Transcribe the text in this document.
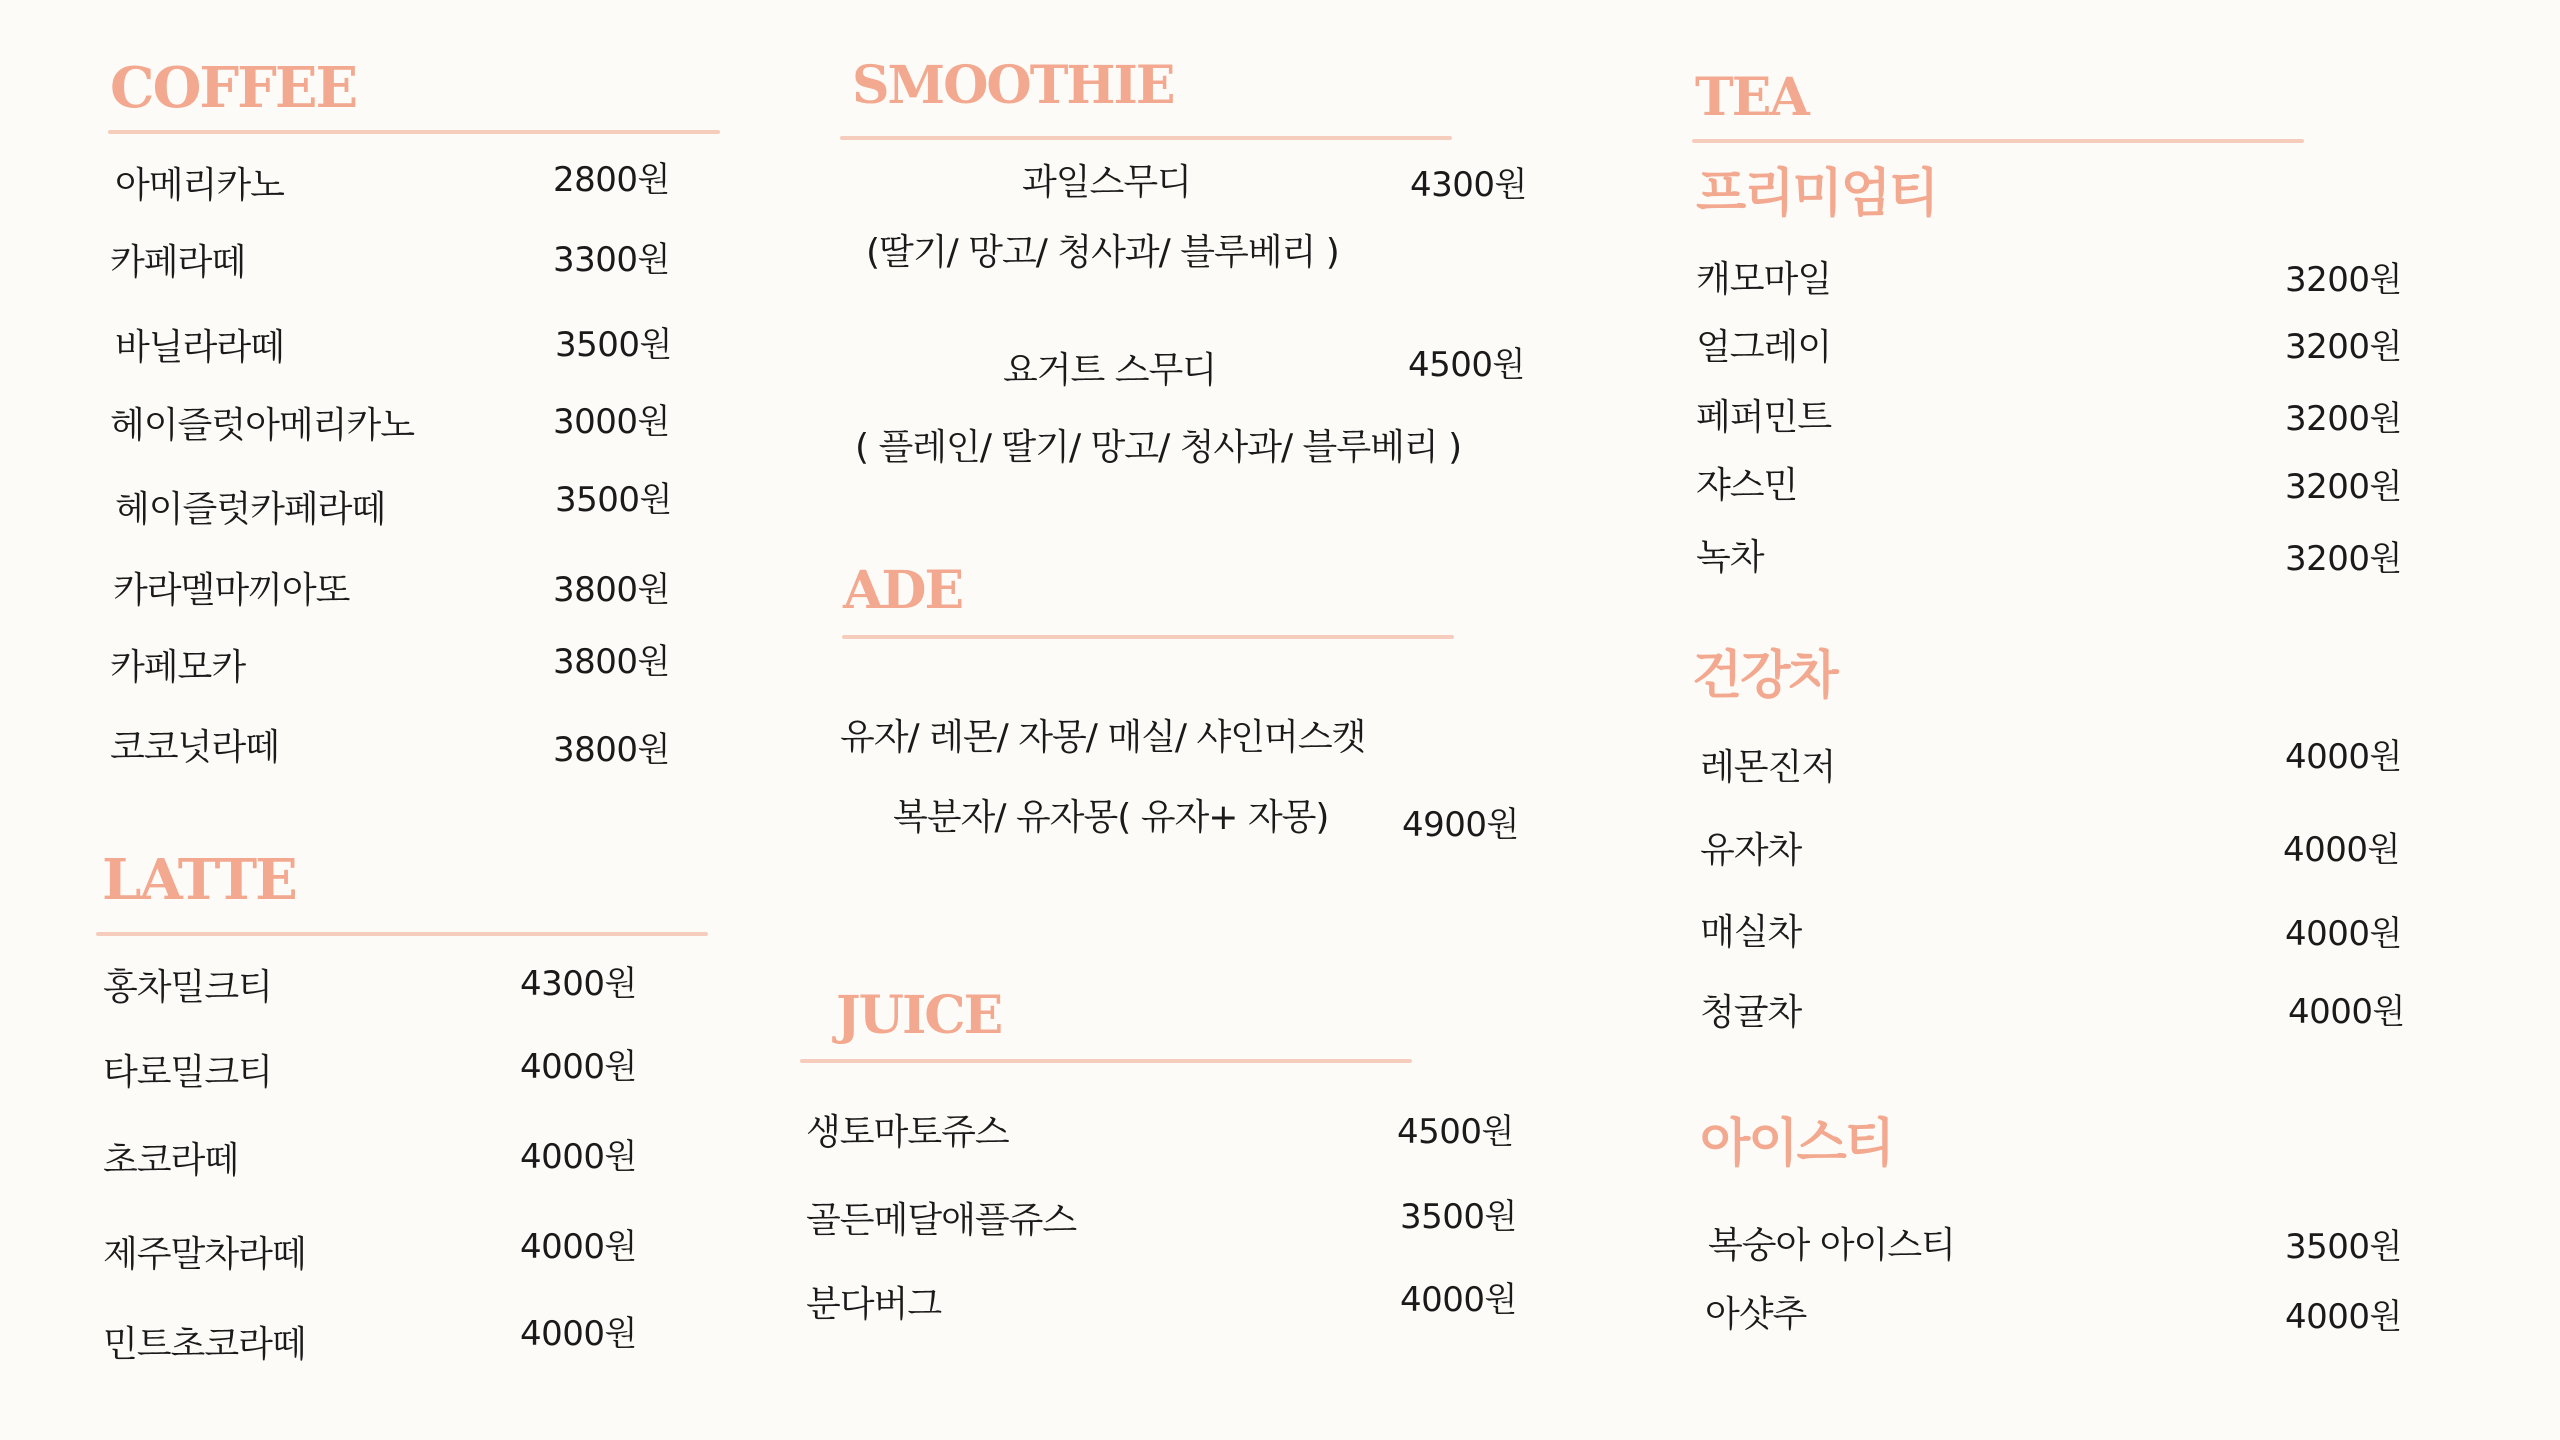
COFFEE
아메리카노	2800원
카페라떼	3300원
바닐라라떼	3500원
헤이즐럿아메리카노	3000원
헤이즐럿카페라떼	3500원
카라멜마끼아또	3800원
카페모카	3800원
코코넛라떼	3800원
LATTE
홍차밀크티	4300원
타로밀크티	4000원
초코라떼	4000원
제주말차라떼	4000원
민트초코라떼	4000원
SMOOTHIE
과일스무디	4300원
(딸기/ 망고/ 청사과/ 블루베리 )
요거트 스무디	4500원
( 플레인/ 딸기/ 망고/ 청사과/ 블루베리 )
ADE
유자/ 레몬/ 자몽/ 매실/ 샤인머스캣
복분자/ 유자몽( 유자+ 자몽) 4900원
JUICE
생토마토쥬스	4500원
골든메달애플쥬스	3500원
분다버그	4000원
TEA
프리미엄티
캐모마일	3200원
얼그레이	3200원
페퍼민트	3200원
쟈스민	3200원
녹차	3200원
건강차
레몬진저	4000원
유자차	4000원
매실차	4000원
청귤차	4000원
아이스티
복숭아 아이스티	3500원
아샷추	4000원
